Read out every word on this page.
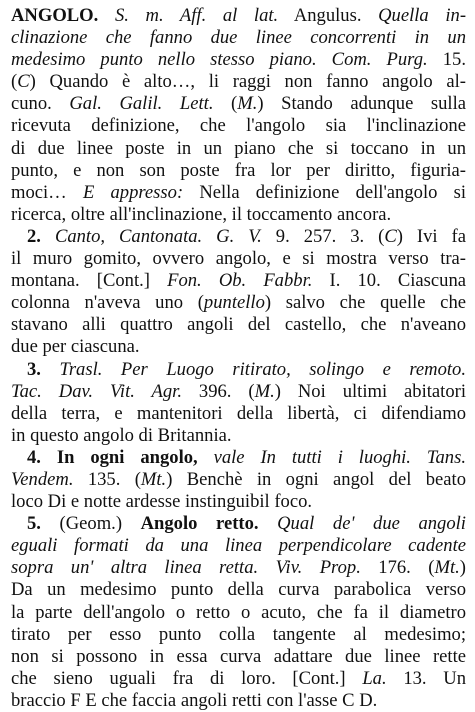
ANGOLO. S. m. Aff. al lat. Angulus. Quella in-
clinazione che fanno due linee concorrenti in un
medesimo punto nello stesso piano. Com. Purg. 15.
(C) Quando è alto…, li raggi non fanno angolo al-
cuno. Gal. Galil. Lett. (M.) Stando adunque sulla
ricevuta definizione, che l'angolo sia l'inclinazione
di due linee poste in un piano che si toccano in un
punto, e non son poste fra lor per diritto, figuria-
moci… E appresso: Nella definizione dell'angolo si
ricerca, oltre all'inclinazione, il toccamento ancora.
2. Canto, Cantonata. G. V. 9. 257. 3. (C) Ivi fa
il muro gomito, ovvero angolo, e si mostra verso tra-
montana. [Cont.] Fon. Ob. Fabbr. I. 10. Ciascuna
colonna n'aveva uno (puntello) salvo che quelle che
stavano alli quattro angoli del castello, che n'aveano
due per ciascuna.
3. Trasl. Per Luogo ritirato, solingo e remoto.
Tac. Dav. Vit. Agr. 396. (M.) Noi ultimi abitatori
della terra, e mantenitori della libertà, ci difendiamo
in questo angolo di Britannia.
4. In ogni angolo, vale In tutti i luoghi. Tans.
Vendem. 135. (Mt.) Benchè in ogni angol del beato
loco Di e notte ardesse instinguibil foco.
5. (Geom.) Angolo retto. Qual de' due angoli
eguali formati da una linea perpendicolare cadente
sopra un' altra linea retta. Viv. Prop. 176. (Mt.)
Da un medesimo punto della curva parabolica verso
la parte dell'angolo o retto o acuto, che fa il diametro
tirato per esso punto colla tangente al medesimo;
non si possono in essa curva adattare due linee rette
che sieno uguali fra di loro. [Cont.] La. 13. Un
braccio F E che faccia angoli retti con l'asse C D.
